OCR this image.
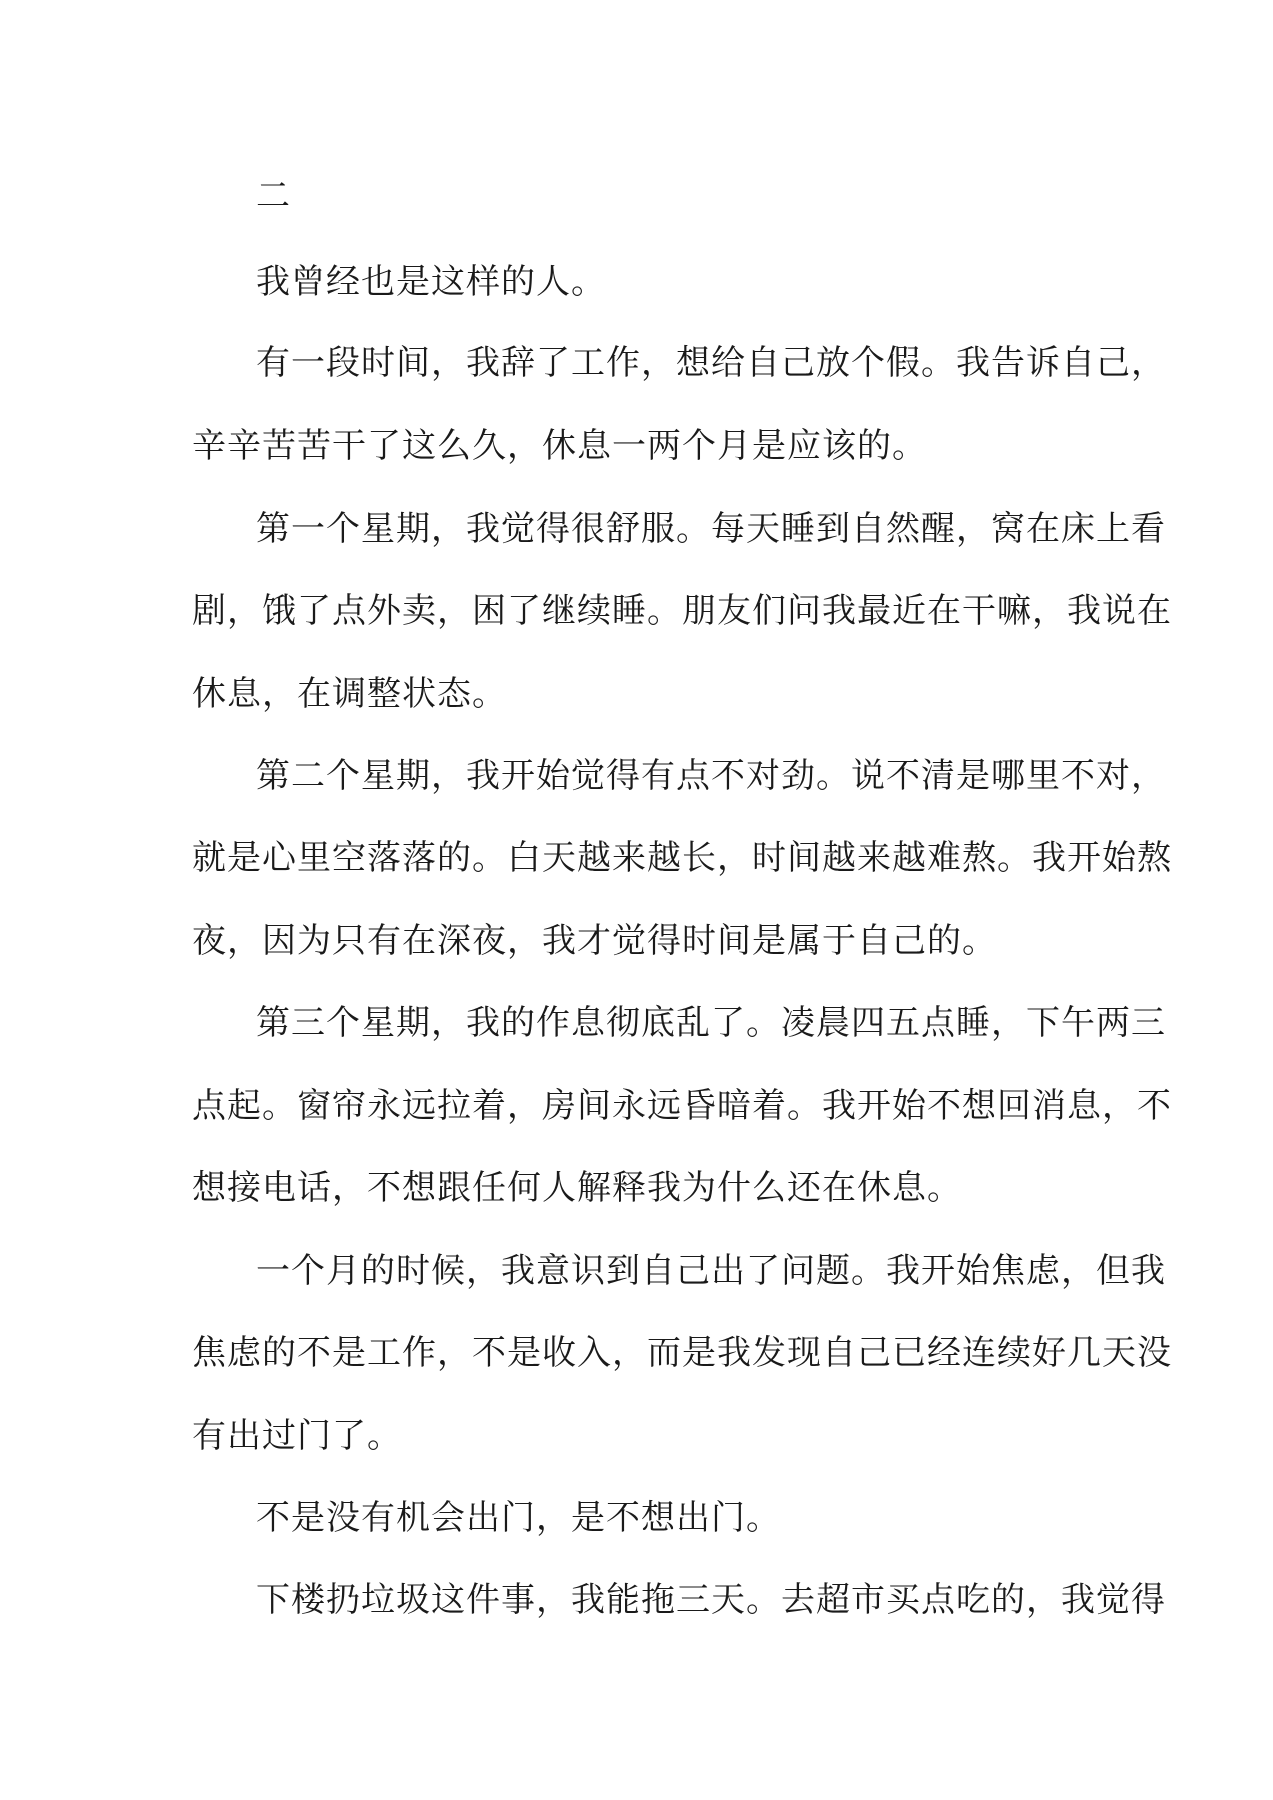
二
我曾经也是这样的人。
有一段时间，我辞了工作，想给自己放个假。我告诉自己，
辛辛苦苦干了这么久，休息一两个月是应该的。
第一个星期，我觉得很舒服。每天睡到自然醒，窝在床上看
剧，饿了点外卖，困了继续睡。朋友们问我最近在干嘛，我说在
休息，在调整状态。
第二个星期，我开始觉得有点不对劲。说不清是哪里不对，
就是心里空落落的。白天越来越长，时间越来越难熬。我开始熬
夜，因为只有在深夜，我才觉得时间是属于自己的。
第三个星期，我的作息彻底乱了。凌晨四五点睡，下午两三
点起。窗帘永远拉着，房间永远昏暗着。我开始不想回消息，不
想接电话，不想跟任何人解释我为什么还在休息。
一个月的时候，我意识到自己出了问题。我开始焦虑，但我
焦虑的不是工作，不是收入，而是我发现自己已经连续好几天没
有出过门了。
不是没有机会出门，是不想出门。
下楼扔垃圾这件事，我能拖三天。去超市买点吃的，我觉得
